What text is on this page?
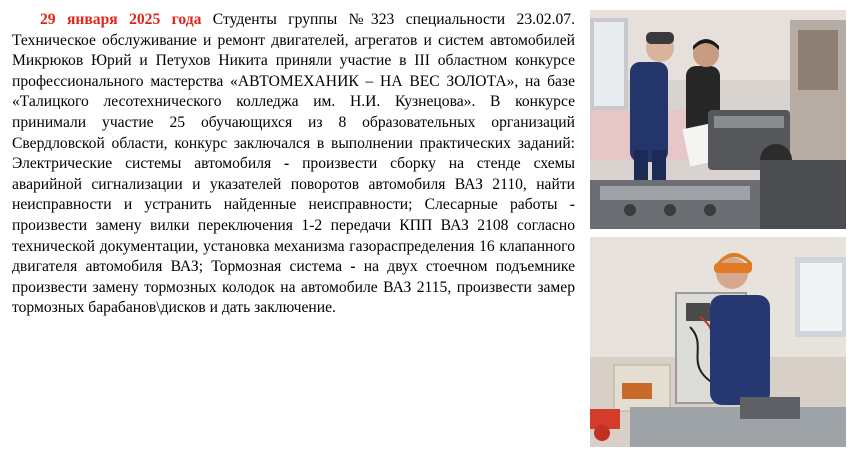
29 января 2025 года Студенты группы №323 специальности 23.02.07. Техническое обслуживание и ремонт двигателей, агрегатов и систем автомобилей Микрюков Юрий и Петухов Никита приняли участие в III областном конкурсе профессионального мастерства «АВТОМЕХАНИК – НА ВЕС ЗОЛОТА», на базе «Талицкого лесотехнического колледжа им. Н.И. Кузнецова». В конкурсе принимали участие 25 обучающихся из 8 образовательных организаций Свердловской области, конкурс заключался в выполнении практических заданий: Электрические системы автомобиля - произвести сборку на стенде схемы аварийной сигнализации и указателей поворотов автомобиля ВАЗ 2110, найти неисправности и устранить найденные неисправности; Слесарные работы - произвести замену вилки переключения 1-2 передачи КПП ВАЗ 2108 согласно технической документации, установка механизма газораспределения 16 клапанного двигателя автомобиля ВАЗ; Тормозная система - на двух стоечном подъемнике произвести замену тормозных колодок на автомобиле ВАЗ 2115, произвести замер тормозных барабанов\дисков и дать заключение.
